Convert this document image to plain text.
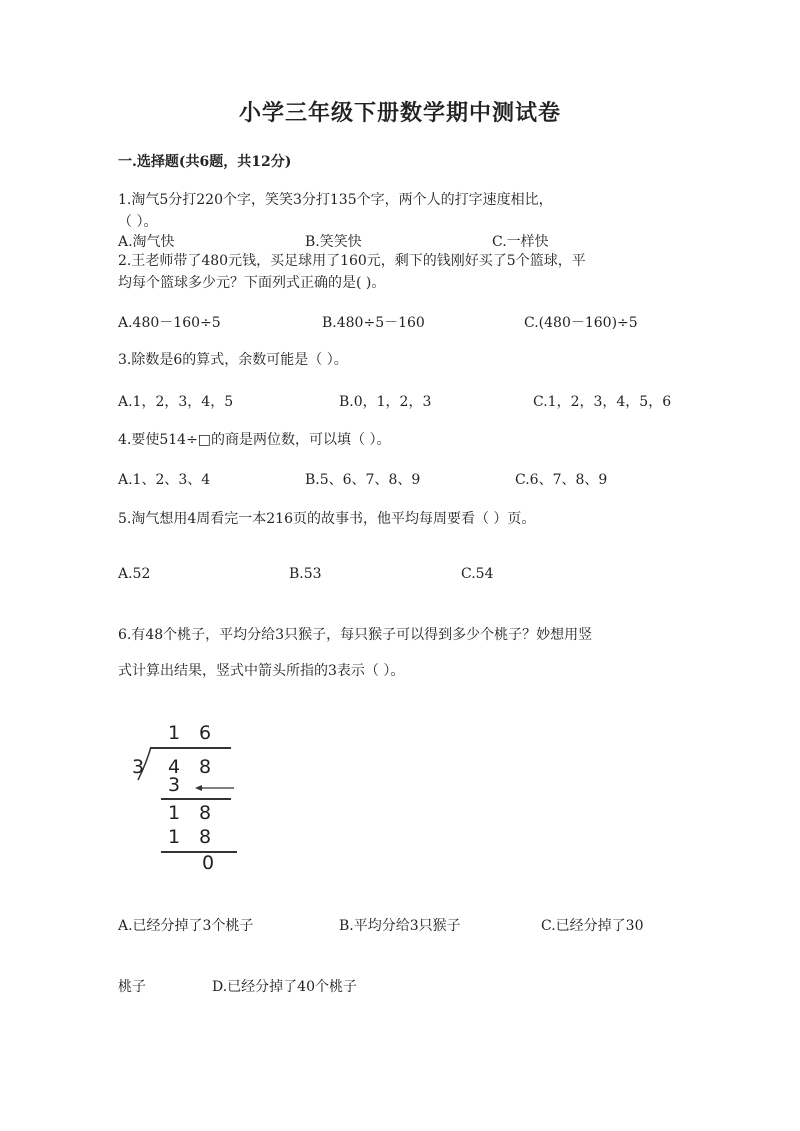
小学三年级下册数学期中测试卷
一.选择题(共6题，共12分)
1.淘气5分打220个字，笑笑3分打135个字，两个人的打字速度相比，
（ ）。
A.淘气快	B.笑笑快	C.一样快
2.王老师带了480元钱，买足球用了160元，剩下的钱刚好买了5个篮球，平
均每个篮球多少元？下面列式正确的是( )。
A.480－160÷5	B.480÷5－160	C.(480－160)÷5
3.除数是6的算式，余数可能是（ ）。
A.1，2，3，4，5	B.0，1，2，3	C.1，2，3，4，5，6
4.要使514÷□的商是两位数，可以填（ ）。
A.1、2、3、4	B.5、6、7、8、9	C.6、7、8、9
5.淘气想用4周看完一本216页的故事书，他平均每周要看（ ）页。
A.52	B.53	C.54
6.有48个桃子，平均分给3只猴子，每只猴子可以得到多少个桃子？妙想用竖
式计算出结果，竖式中箭头所指的3表示（ ）。
1 6
3 4 8
3
1 8
1 8
0
A.已经分掉了3个桃子	B.平均分给3只猴子	C.已经分掉了30
桃子	D.已经分掉了40个桃子
